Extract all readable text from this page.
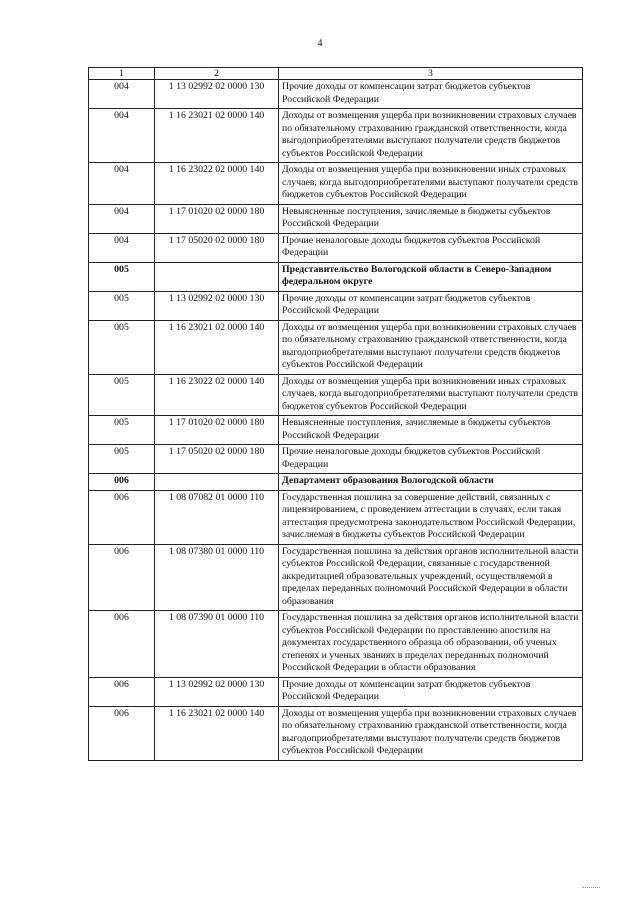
4
1	2	3
004	1 13 02992 02 0000 130	Прочие доходы от компенсации затрат бюджетов субъектов Российской Федерации
004	1 16 23021 02 0000 140	Доходы от возмещения ущерба при возникновении страховых случаев по обязательному страхованию гражданской ответственности, когда выгодоприобретателями выступают получатели средств бюджетов субъектов Российской Федерации
004	1 16 23022 02 0000 140	Доходы от возмещения ущерба при возникновении иных страховых случаев, когда выгодоприобретателями выступают получатели средств бюджетов субъектов Российской Федерации
004	1 17 01020 02 0000 180	Невыясненные поступления, зачисляемые в бюджеты субъектов Российской Федерации
004	1 17 05020 02 0000 180	Прочие неналоговые доходы бюджетов субъектов Российской Федерации
005		Представительство Вологодской области в Северо-Западном федеральном округе
005	1 13 02992 02 0000 130	Прочие доходы от компенсации затрат бюджетов субъектов Российской Федерации
005	1 16 23021 02 0000 140	Доходы от возмещения ущерба при возникновении страховых случаев по обязательному страхованию гражданской ответственности, когда выгодоприобретателями выступают получатели средств бюджетов субъектов Российской Федерации
005	1 16 23022 02 0000 140	Доходы от возмещения ущерба при возникновении иных страховых случаев, когда выгодоприобретателями выступают получатели средств бюджетов субъектов Российской Федерации
005	1 17 01020 02 0000 180	Невыясненные поступления, зачисляемые в бюджеты субъектов Российской Федерации
005	1 17 05020 02 0000 180	Прочие неналоговые доходы бюджетов субъектов Российской Федерации
006		Департамент образования Вологодской области
006	1 08 07082 01 0000 110	Государственная пошлина за совершение действий, связанных с лицензированием, с проведением аттестации в случаях, если такая аттестация предусмотрена законодательством Российской Федерации, зачисляемая в бюджеты субъектов Российской Федерации
006	1 08 07380 01 0000 110	Государственная пошлина за действия органов исполнительной власти субъектов Российской Федерации, связанные с государственной аккредитацией образовательных учреждений, осуществляемой в пределах переданных полномочий Российской Федерации в области образования
006	1 08 07390 01 0000 110	Государственная пошлина за действия органов исполнительной власти субъектов Российской Федерации по проставлению апостиля на документах государственного образца об образовании, об ученых степенях и ученых званиях в пределах переданных полномочий Российской Федерации в области образования
006	1 13 02992 02 0000 130	Прочие доходы от компенсации затрат бюджетов субъектов Российской Федерации
006	1 16 23021 02 0000 140	Доходы от возмещения ущерба при возникновении страховых случаев по обязательному страхованию гражданской ответственности, когда выгодоприобретателями выступают получатели средств бюджетов субъектов Российской Федерации
